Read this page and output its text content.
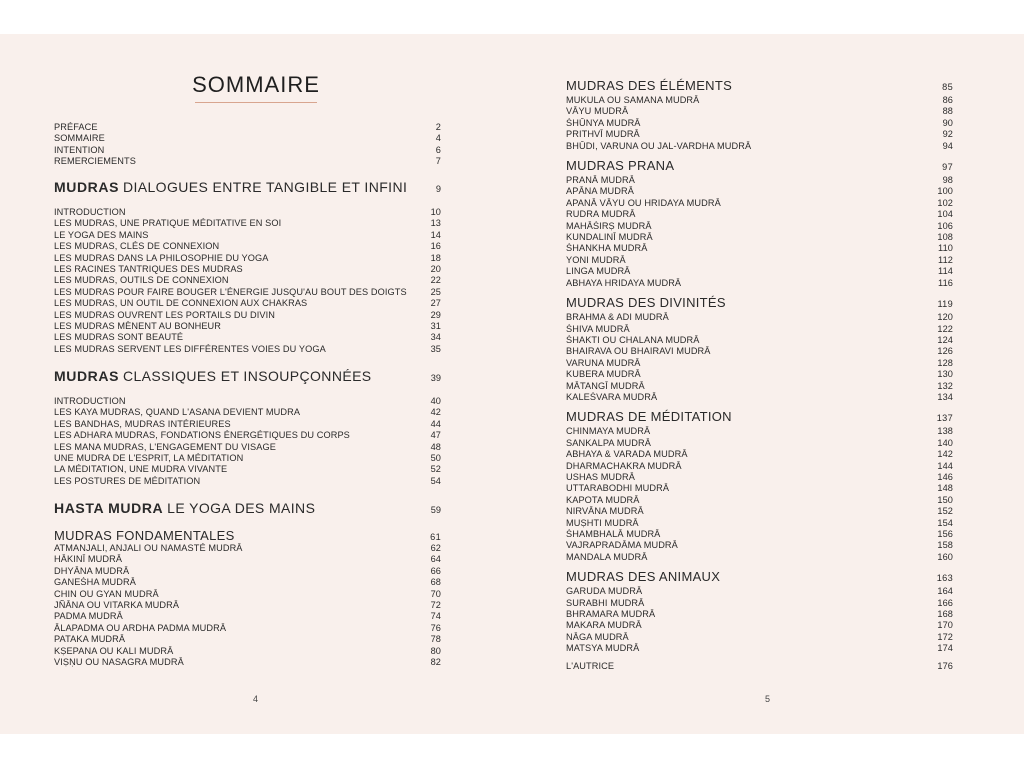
SOMMAIRE
PRÉFACE	2
SOMMAIRE	4
INTENTION	6
REMERCIEMENTS	7
MUDRAS DIALOGUES ENTRE TANGIBLE ET INFINI	9
INTRODUCTION	10
LES MUDRAS, UNE PRATIQUE MÉDITATIVE EN SOI	13
LE YOGA DES MAINS	14
LES MUDRAS, CLÉS DE CONNEXION	16
LES MUDRAS DANS LA PHILOSOPHIE DU YOGA	18
LES RACINES TANTRIQUES DES MUDRAS	20
LES MUDRAS, OUTILS DE CONNEXION	22
LES MUDRAS POUR FAIRE BOUGER L'ÉNERGIE JUSQU'AU BOUT DES DOIGTS	25
LES MUDRAS, UN OUTIL DE CONNEXION AUX CHAKRAS	27
LES MUDRAS OUVRENT LES PORTAILS DU DIVIN	29
LES MUDRAS MÈNENT AU BONHEUR	31
LES MUDRAS SONT BEAUTÉ	34
LES MUDRAS SERVENT LES DIFFÉRENTES VOIES DU YOGA	35
MUDRAS CLASSIQUES ET INSOUPÇONNÉES	39
INTRODUCTION	40
LES KAYA MUDRAS, QUAND L'ASANA DEVIENT MUDRA	42
LES BANDHAS, MUDRAS INTÉRIEURES	44
LES ADHARA MUDRAS, FONDATIONS ÉNERGÉTIQUES DU CORPS	47
LES MANA MUDRAS, L'ENGAGEMENT DU VISAGE	48
UNE MUDRA DE L'ESPRIT, LA MÉDITATION	50
LA MÉDITATION, UNE MUDRA VIVANTE	52
LES POSTURES DE MÉDITATION	54
HASTA MUDRA LE YOGA DES MAINS	59
MUDRAS FONDAMENTALES	61
ATMANJALI, ANJALI OU NAMASTÉ MUDRĀ	62
HĀKINĪ MUDRĀ	64
DHYĀNA MUDRĀ	66
GANEŚHA MUDRĀ	68
CHIN OU GYAN MUDRĀ	70
JÑĀNA OU VITARKA MUDRĀ	72
PADMA MUDRĀ	74
ĀLAPADMA OU ARDHA PADMA MUDRĀ	76
PATAKA MUDRĀ	78
KṢEPANA OU KALI MUDRĀ	80
VIṢṆU OU NASAGRA MUDRĀ	82
4	5
MUDRAS DES ÉLÉMENTS	85
MUKULA OU SAMANA MUDRĀ	86
VĀYU MUDRĀ	88
ŚHŪNYA MUDRĀ	90
PRITHVĪ MUDRĀ	92
BHŪDI, VARUNA OU JAL-VARDHA MUDRĀ	94
MUDRAS PRANA	97
PRANĀ MUDRĀ	98
APĀNA MUDRĀ	100
APANĀ VĀYU OU HRIDAYA MUDRĀ	102
RUDRA MUDRĀ	104
MAHĀŚIRṢ MUDRĀ	106
KUNDALINĪ MUDRĀ	108
ŚHANKHA MUDRĀ	110
YONI MUDRĀ	112
LINGA MUDRĀ	114
ABHAYA HRIDAYA MUDRĀ	116
MUDRAS DES DIVINITÉS	119
BRAHMA & ADI MUDRĀ	120
ŚHIVA MUDRĀ	122
ŚHAKTI OU CHALANA MUDRĀ	124
BHAIRAVA OU BHAIRAVI MUDRĀ	126
VARUNA MUDRĀ	128
KUBERA MUDRĀ	130
MĀTANGĪ MUDRĀ	132
KALEŚVARA MUDRĀ	134
MUDRAS DE MÉDITATION	137
CHINMAYA MUDRĀ	138
SANKALPA MUDRĀ	140
ABHAYA & VARADA MUDRĀ	142
DHARMACHAKRA MUDRĀ	144
USHAS MUDRĀ	146
UTTARABODHI MUDRĀ	148
KAPOTA MUDRĀ	150
NIRVĀNA MUDRĀ	152
MUṢHTI MUDRĀ	154
ŚHAMBHALĀ MUDRĀ	156
VAJRAPRADĀMA MUDRĀ	158
MANDALA MUDRĀ	160
MUDRAS DES ANIMAUX	163
GARUDA MUDRĀ	164
SURABHI MUDRĀ	166
BHRAMARA MUDRĀ	168
MAKARA MUDRĀ	170
NĀGA MUDRĀ	172
MATSYA MUDRĀ	174
L'AUTRICE	176
